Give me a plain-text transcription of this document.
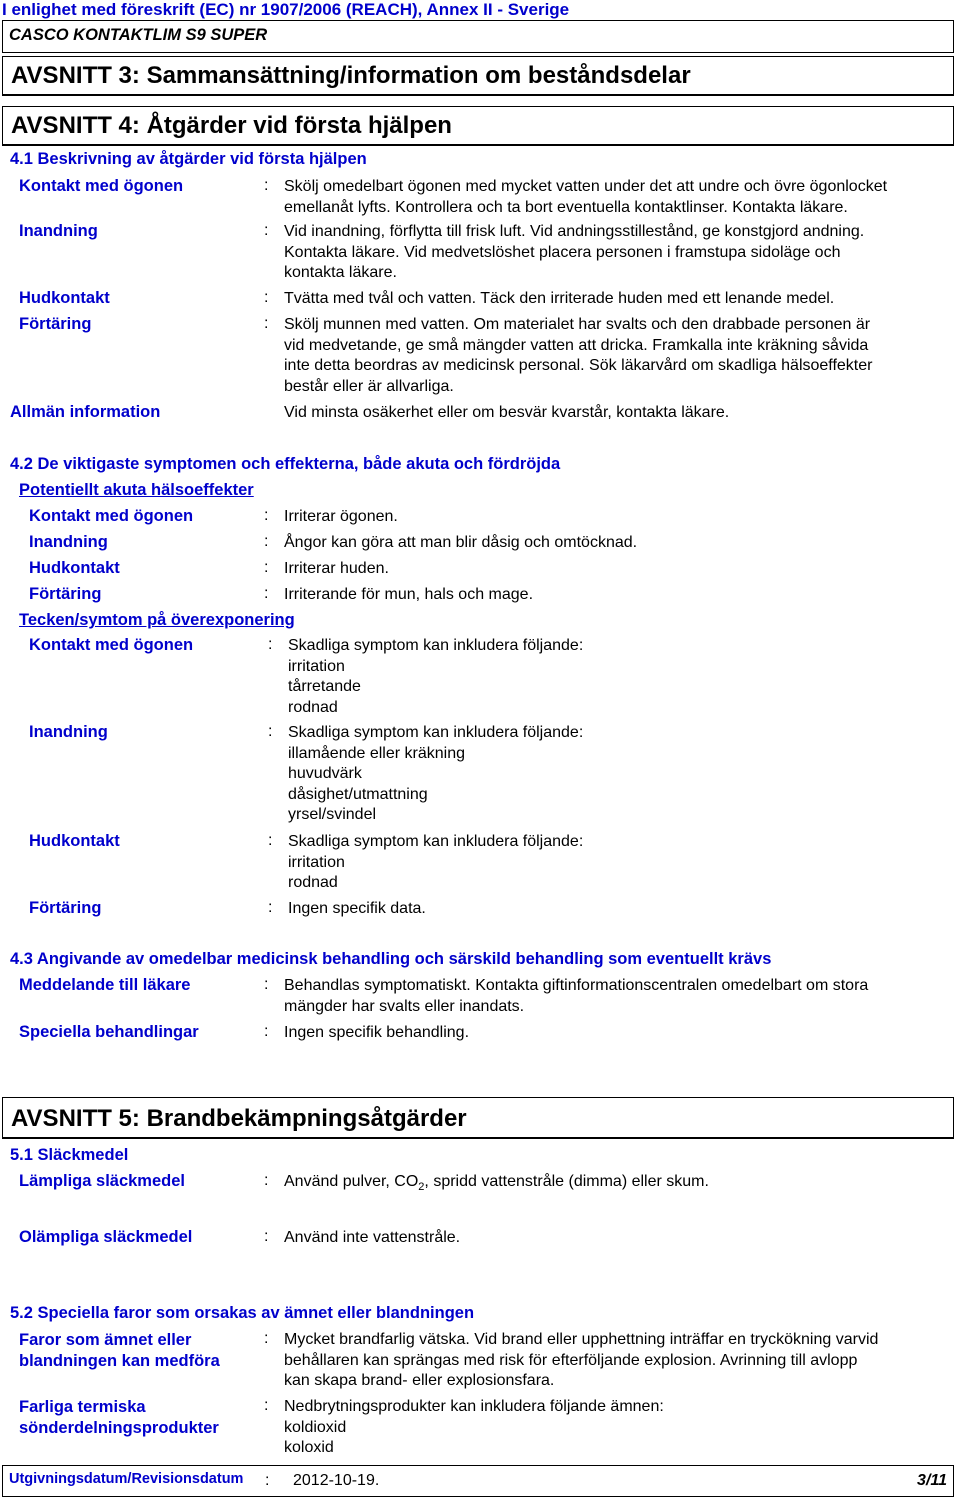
I enlighet med föreskrift (EC) nr 1907/2006 (REACH), Annex II - Sverige
CASCO KONTAKTLIM S9 SUPER
AVSNITT 3: Sammansättning/information om beståndsdelar
AVSNITT 4: Åtgärder vid första hjälpen
4.1 Beskrivning av åtgärder vid första hjälpen
Kontakt med ögonen	: Skölj omedelbart ögonen med mycket vatten under det att undre och övre ögonlocket
emellanåt lyfts. Kontrollera och ta bort eventuella kontaktlinser. Kontakta läkare.
Inandning	: Vid inandning, förflytta till frisk luft. Vid andningsstillestånd, ge konstgjord andning.
Kontakta läkare. Vid medvetslöshet placera personen i framstupa sidoläge och
kontakta läkare.
Hudkontakt	: Tvätta med tvål och vatten. Täck den irriterade huden med ett lenande medel.
Förtäring	: Skölj munnen med vatten. Om materialet har svalts och den drabbade personen är
vid medvetande, ge små mängder vatten att dricka. Framkalla inte kräkning såvida
inte detta beordras av medicinsk personal. Sök läkarvård om skadliga hälsoeffekter
består eller är allvarliga.
Allmän information	Vid minsta osäkerhet eller om besvär kvarstår, kontakta läkare.
4.2 De viktigaste symptomen och effekterna, både akuta och fördröjda
Potentiellt akuta hälsoeffekter
Kontakt med ögonen	: Irriterar ögonen.
Inandning	: Ångor kan göra att man blir dåsig och omtöcknad.
Hudkontakt	: Irriterar huden.
Förtäring	: Irriterande för mun, hals och mage.
Tecken/symtom på överexponering
Kontakt med ögonen	: Skadliga symptom kan inkludera följande:
irritation
tårretande
rodnad
Inandning	: Skadliga symptom kan inkludera följande:
illamående eller kräkning
huvudvärk
dåsighet/utmattning
yrsel/svindel
Hudkontakt	: Skadliga symptom kan inkludera följande:
irritation
rodnad
Förtäring	: Ingen specifik data.
4.3 Angivande av omedelbar medicinsk behandling och särskild behandling som eventuellt krävs
Meddelande till läkare	: Behandlas symptomatiskt. Kontakta giftinformationscentralen omedelbart om stora
mängder har svalts eller inandats.
Speciella behandlingar	: Ingen specifik behandling.
AVSNITT 5: Brandbekämpningsåtgärder
5.1 Släckmedel
Lämpliga släckmedel	: Använd pulver, $CO_2$, spridd vattenstråle (dimma) eller skum.
Olämpliga släckmedel	: Använd inte vattenstråle.
5.2 Speciella faror som orsakas av ämnet eller blandningen
Faror som ämnet eller
blandningen kan medföra
: Mycket brandfarlig vätska. Vid brand eller upphettning inträffar en tryckökning varvid
behållaren kan sprängas med risk för efterföljande explosion. Avrinning till avlopp
kan skapa brand- eller explosionsfara.
Farliga termiska
sönderdelningsprodukter
: Nedbrytningsprodukter kan inkludera följande ämnen:
koldioxid
koloxid
Utgivningsdatum/Revisionsdatum : 2012-10-19.	3/11
